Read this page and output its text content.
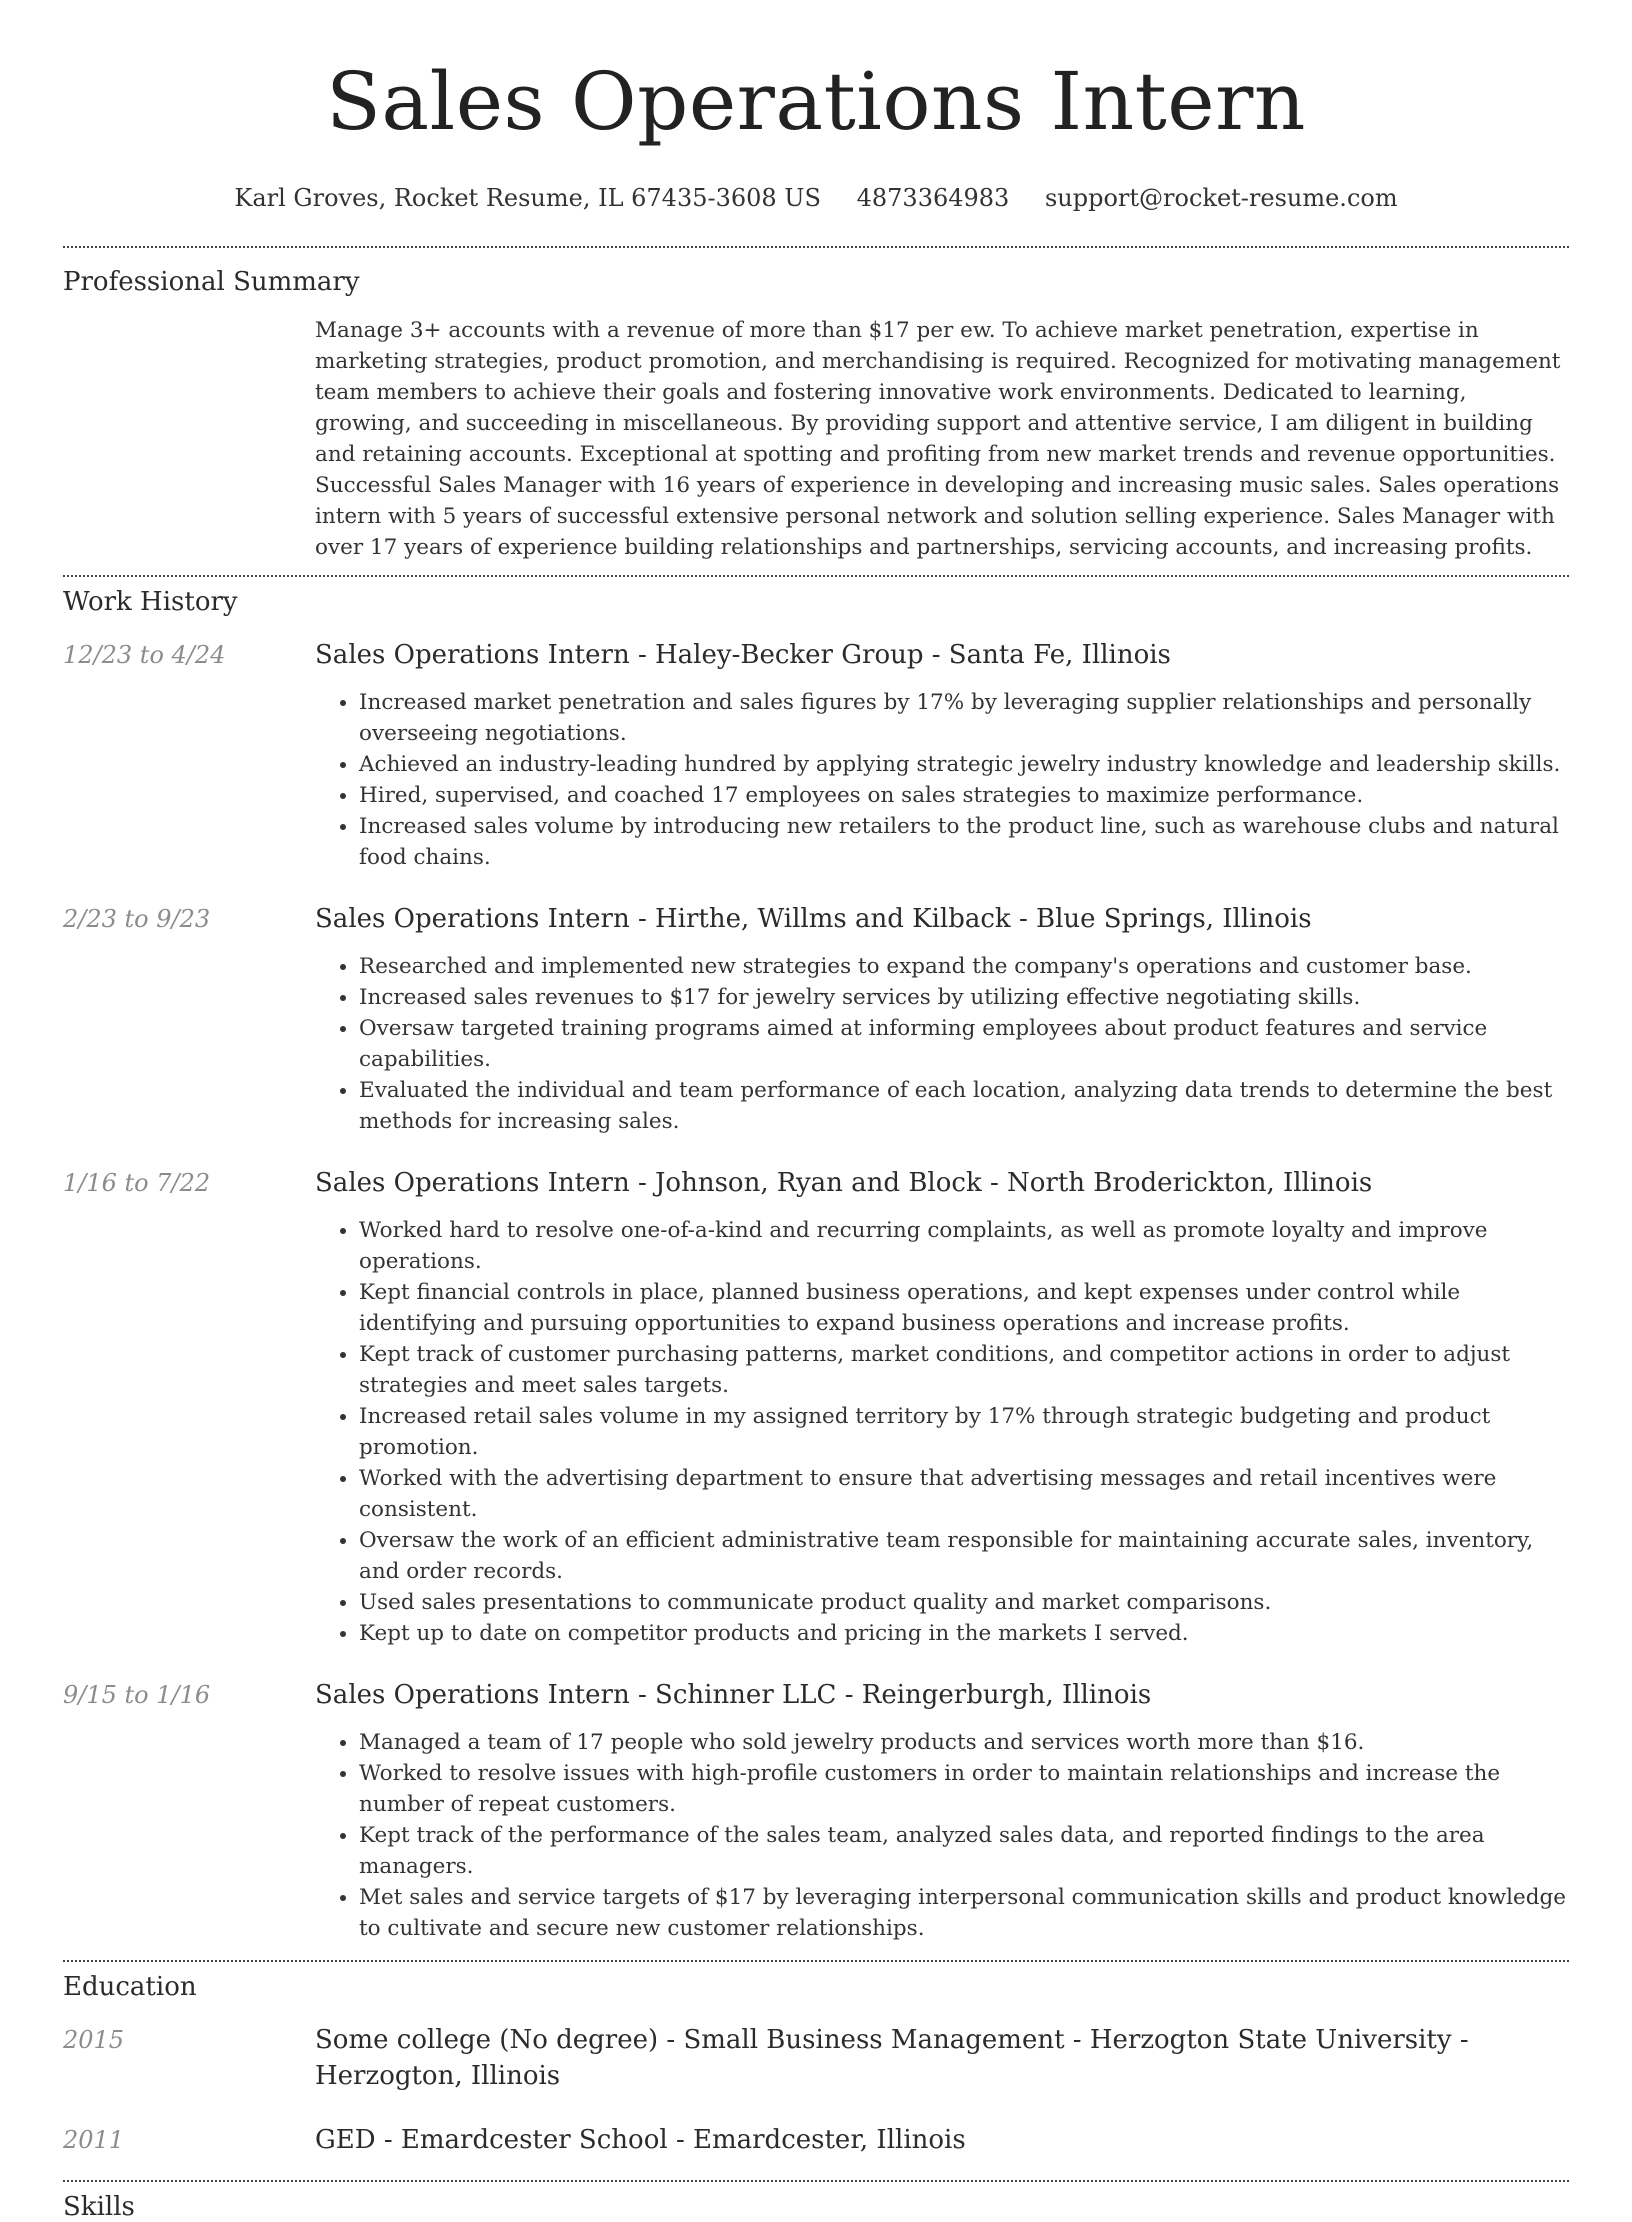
Sales Operations Intern
Karl Groves, Rocket Resume, IL 67435-3608 US 4873364983 support@rocket-resume.com
Professional Summary
Manage 3+ accounts with a revenue of more than $17 per ew. To achieve market penetration, expertise in marketing strategies, product promotion, and merchandising is required. Recognized for motivating management team members to achieve their goals and fostering innovative work environments. Dedicated to learning, growing, and succeeding in miscellaneous. By providing support and attentive service, I am diligent in building and retaining accounts. Exceptional at spotting and profiting from new market trends and revenue opportunities. Successful Sales Manager with 16 years of experience in developing and increasing music sales. Sales operations intern with 5 years of successful extensive personal network and solution selling experience. Sales Manager with over 17 years of experience building relationships and partnerships, servicing accounts, and increasing profits.
Work History
12/23 to 4/24	Sales Operations Intern - Haley-Becker Group - Santa Fe, Illinois
• Increased market penetration and sales figures by 17% by leveraging supplier relationships and personally overseeing negotiations.
• Achieved an industry-leading hundred by applying strategic jewelry industry knowledge and leadership skills.
• Hired, supervised, and coached 17 employees on sales strategies to maximize performance.
• Increased sales volume by introducing new retailers to the product line, such as warehouse clubs and natural food chains.
2/23 to 9/23	Sales Operations Intern - Hirthe, Willms and Kilback - Blue Springs, Illinois
• Researched and implemented new strategies to expand the company's operations and customer base.
• Increased sales revenues to $17 for jewelry services by utilizing effective negotiating skills.
• Oversaw targeted training programs aimed at informing employees about product features and service capabilities.
• Evaluated the individual and team performance of each location, analyzing data trends to determine the best methods for increasing sales.
1/16 to 7/22	Sales Operations Intern - Johnson, Ryan and Block - North Broderickton, Illinois
• Worked hard to resolve one-of-a-kind and recurring complaints, as well as promote loyalty and improve operations.
• Kept financial controls in place, planned business operations, and kept expenses under control while identifying and pursuing opportunities to expand business operations and increase profits.
• Kept track of customer purchasing patterns, market conditions, and competitor actions in order to adjust strategies and meet sales targets.
• Increased retail sales volume in my assigned territory by 17% through strategic budgeting and product promotion.
• Worked with the advertising department to ensure that advertising messages and retail incentives were consistent.
• Oversaw the work of an efficient administrative team responsible for maintaining accurate sales, inventory, and order records.
• Used sales presentations to communicate product quality and market comparisons.
• Kept up to date on competitor products and pricing in the markets I served.
9/15 to 1/16	Sales Operations Intern - Schinner LLC - Reingerburgh, Illinois
• Managed a team of 17 people who sold jewelry products and services worth more than $16.
• Worked to resolve issues with high-profile customers in order to maintain relationships and increase the number of repeat customers.
• Kept track of the performance of the sales team, analyzed sales data, and reported findings to the area managers.
• Met sales and service targets of $17 by leveraging interpersonal communication skills and product knowledge to cultivate and secure new customer relationships.
Education
2015	Some college (No degree) - Small Business Management - Herzogton State University - Herzogton, Illinois
2011	GED - Emardcester School - Emardcester, Illinois
Skills
